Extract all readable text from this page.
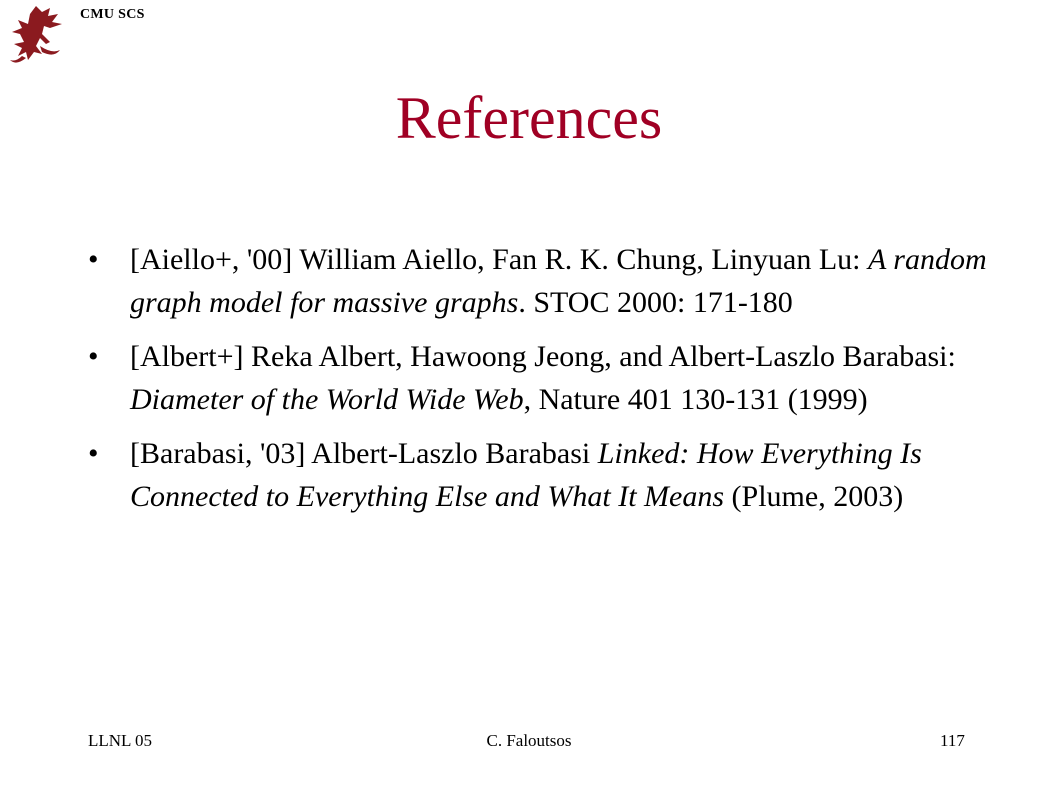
CMU SCS
References
• [Aiello+, '00] William Aiello, Fan R. K. Chung, Linyuan Lu: A random graph model for massive graphs. STOC 2000: 171-180
• [Albert+] Reka Albert, Hawoong Jeong, and Albert-Laszlo Barabasi: Diameter of the World Wide Web, Nature 401 130-131 (1999)
• [Barabasi, '03] Albert-Laszlo Barabasi Linked: How Everything Is Connected to Everything Else and What It Means (Plume, 2003)
LLNL 05	C. Faloutsos	117
